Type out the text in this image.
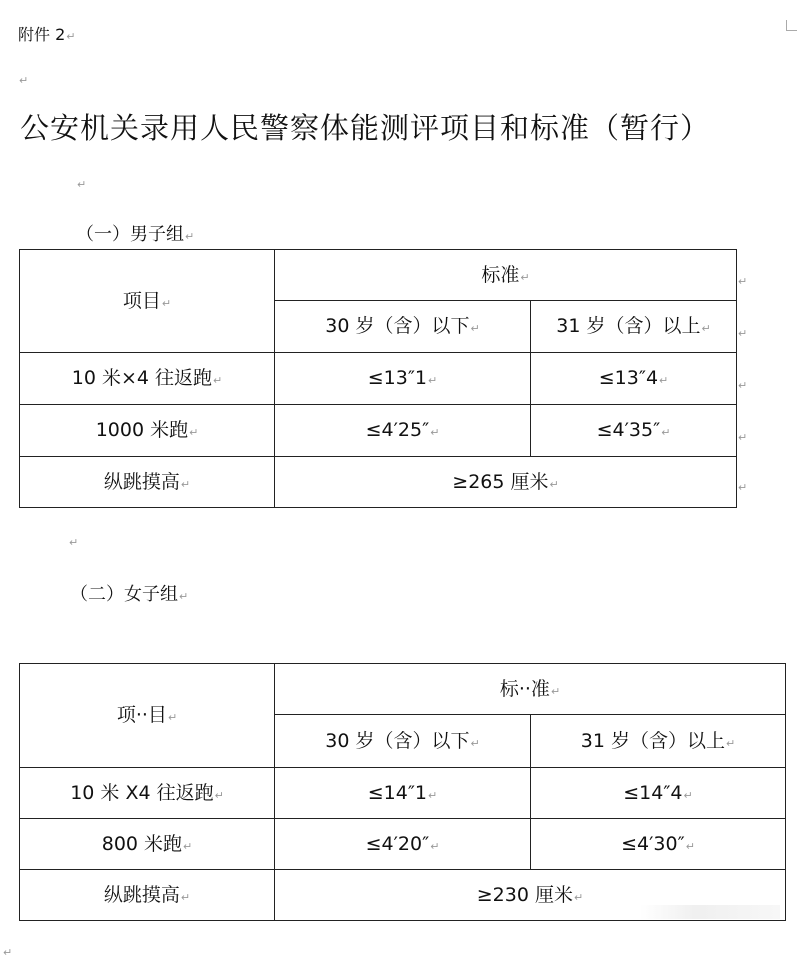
附件 2↵
↵
公安机关录用人民警察体能测评项目和标准（暂行）
↵
（一）男子组↵
项目↵	标准↵	
	30 岁（含）以下↵	31 岁（含）以上↵
10 米×4 往返跑↵	≤13″1↵	≤13″4↵
1000 米跑↵	≤4′25″↵	≤4′35″↵
纵跳摸高↵	≥265 厘米↵	
↵
↵
↵
↵
↵
↵
（二）女子组↵
项··目↵	标··准↵	
	30 岁（含）以下↵	31 岁（含）以上↵
10 米 X4 往返跑↵	≤14″1↵	≤14″4↵
800 米跑↵	≤4′20″↵	≤4′30″↵
纵跳摸高↵	≥230 厘米↵	
↵
